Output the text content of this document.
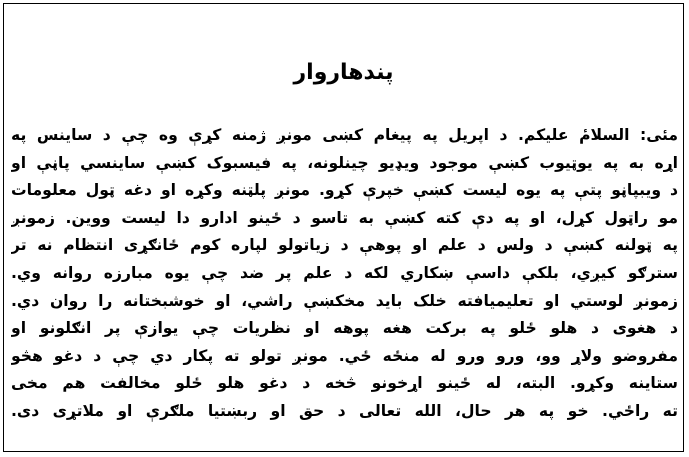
پندهاروار
مئی: السلامٔ علیکم. د اپریل په پیغام کښی مونږ ژمنه کړې وه چې د ساینس په
اړه به په یوټیوب کښې موجود ویډیو چینلونه، په فیسبوک کښې ساینسي پاڼې او
د ویبپاڼو پتې په یوه لیست کښې خپرې کړو. مونږ پلټنه وکړه او دغه ټول معلومات
مو راټول کړل، او په دې کته کښې به تاسو د ځینو ادارو دا لیست ووین. زمونږ
په ټولنه کښې د ولس د علم او پوهې د زیاتولو لپاره کوم ځانګړی انتظام نه تر
سترګو کیږي، بلکې داسې ښکاري لکه د علم پر ضد چې یوه مبارزه روانه وي.
زمونږ لوستي او تعلیمیافته خلک باید مخکښې راشي، او خوشبختانه را روان دي.
د هغوی د هلو ځلو په برکت هغه پوهه او نظریات چې یوازې پر انګلونو او
مفروضو ولاړ وو، ورو ورو له منځه ځي. مونږ تولو ته پکار دي چې د دغو هڅو
ستاینه وکړو. البته، له ځینو اړخونو څخه د دغو هلو ځلو مخالفت هم مخی
ته راځي. خو په هر حال، الله تعالی د حق او ربښتیا ملګرې او ملاتړی دی.
